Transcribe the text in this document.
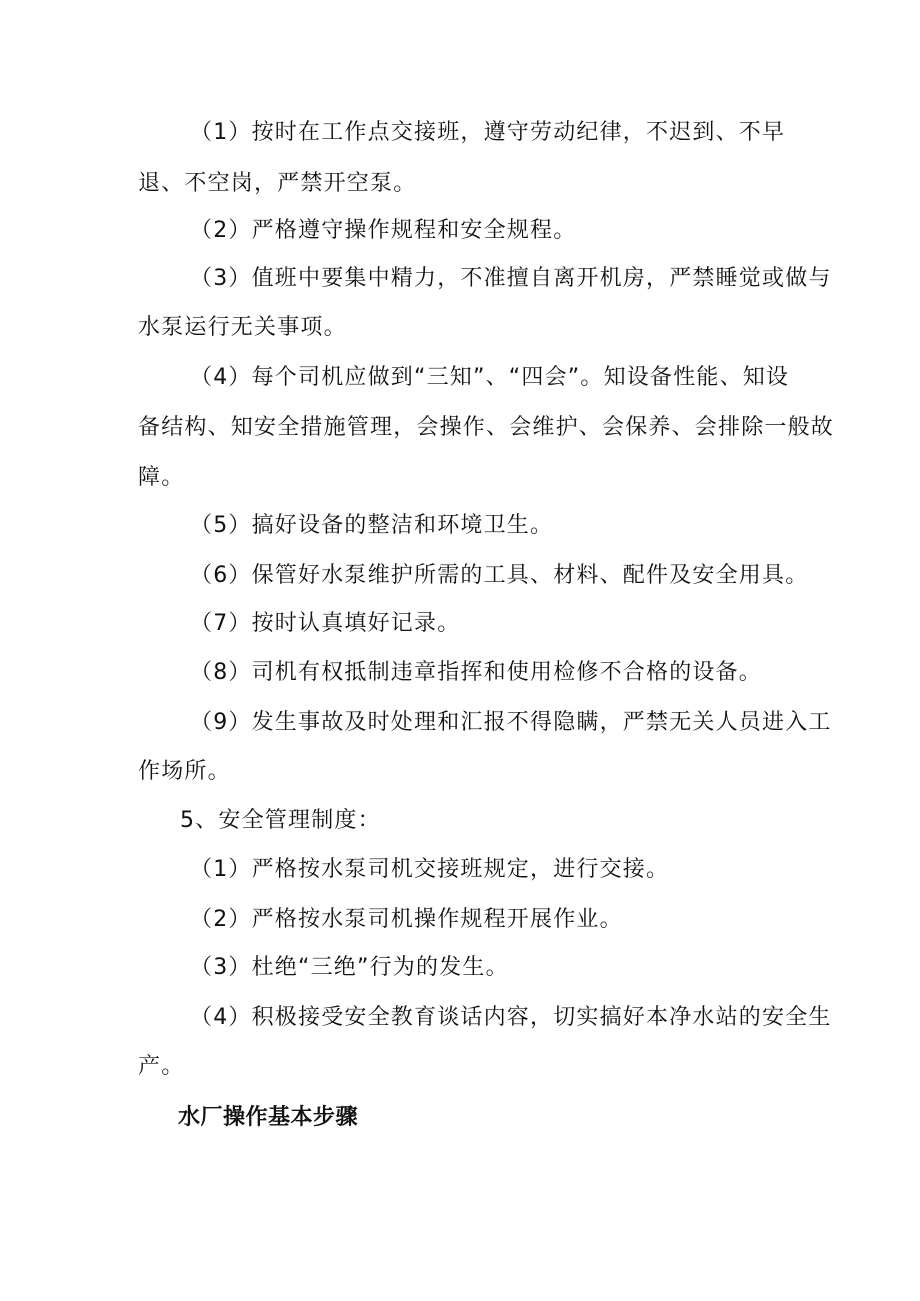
（1）按时在工作点交接班，遵守劳动纪律，不迟到、不早
退、不空岗，严禁开空泵。
（2）严格遵守操作规程和安全规程。
（3）值班中要集中精力，不准擅自离开机房，严禁睡觉或做与
水泵运行无关事项。
（4）每个司机应做到“三知”、“四会”。知设备性能、知设
备结构、知安全措施管理，会操作、会维护、会保养、会排除一般故
障。
（5）搞好设备的整洁和环境卫生。
（6）保管好水泵维护所需的工具、材料、配件及安全用具。
（7）按时认真填好记录。
（8）司机有权抵制违章指挥和使用检修不合格的设备。
（9）发生事故及时处理和汇报不得隐瞒，严禁无关人员进入工
作场所。
5、安全管理制度：
（1）严格按水泵司机交接班规定，进行交接。
（2）严格按水泵司机操作规程开展作业。
（3）杜绝“三绝”行为的发生。
（4）积极接受安全教育谈话内容，切实搞好本净水站的安全生
产。
水厂操作基本步骤
